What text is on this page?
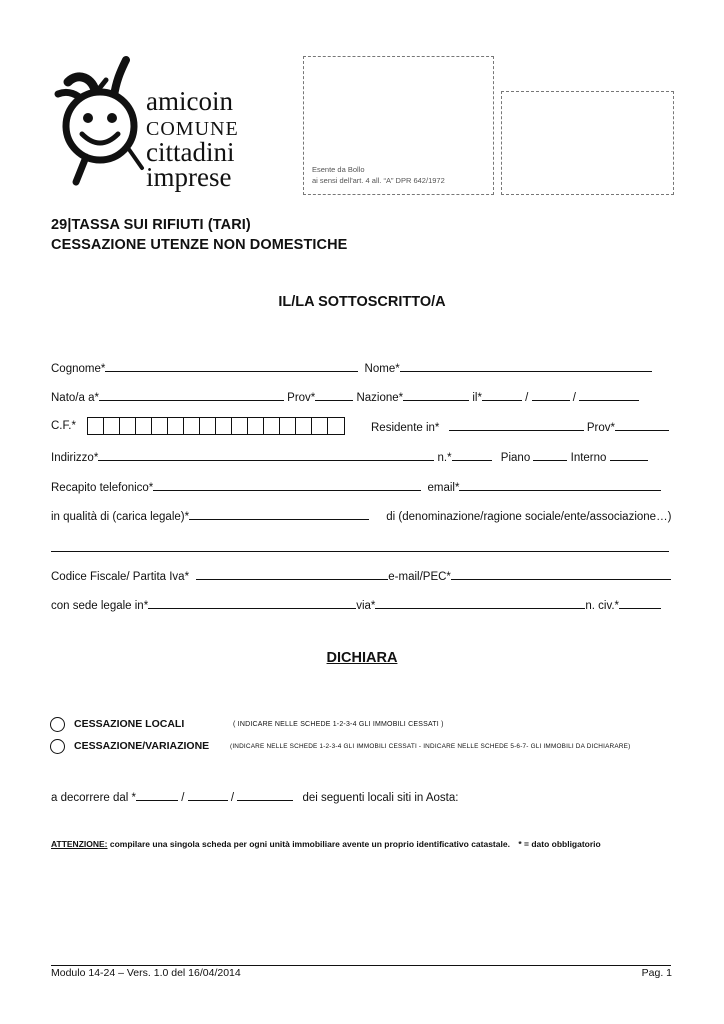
amicoin
COMUNE
cittadini
imprese	Esente da Bollo
ai sensi dell'art. 4 all. “A” DPR 642/1972
29|TASSA SUI RIFIUTI (TARI)
CESSAZIONE UTENZE NON DOMESTICHE
IL/LA SOTTOSCRITTO/A
Cognome*	Nome*
Nato/a a*	Prov*	Nazione*	il*	/	/
C.F.*	Residente in*	Prov*
Indirizzo*	n.*	Piano	Interno
Recapito telefonico*	email*
in qualità di (carica legale)*	di (denominazione/ragione sociale/ente/associazione…)
Codice Fiscale/ Partita Iva*	e-mail/PEC*
con sede legale in*	via*	n. civ.*
DICHIARA
CESSAZIONE LOCALI	( INDICARE NELLE SCHEDE 1-2-3-4 GLI IMMOBILI CESSATI )
CESSAZIONE/VARIAZIONE	(INDICARE NELLE SCHEDE 1-2-3-4 GLI IMMOBILI CESSATI - INDICARE NELLE SCHEDE 5-6-7- GLI IMMOBILI DA DICHIARARE)
a decorrere dal *	/	/	dei seguenti locali siti in Aosta:
ATTENZIONE: compilare una singola scheda per ogni unità immobiliare avente un proprio identificativo catastale. * = dato obbligatorio
Modulo 14-24 – Vers. 1.0 del 16/04/2014	Pag. 1
